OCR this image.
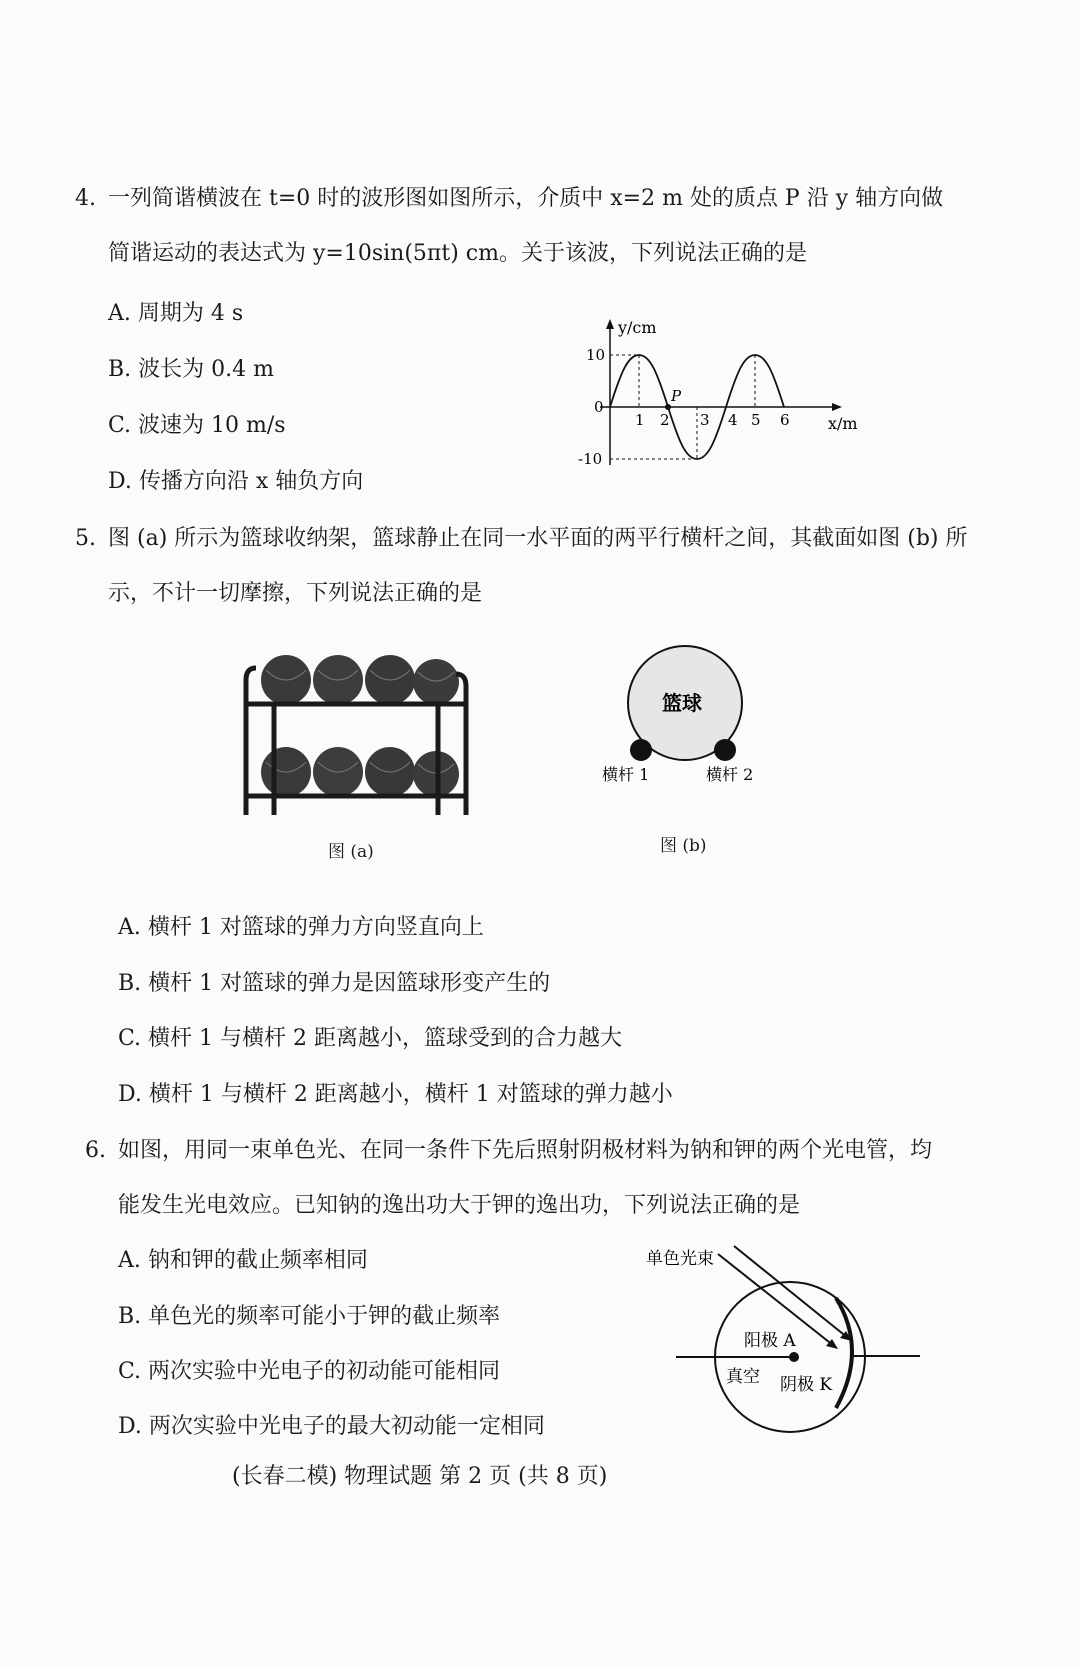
4. 一列简谐横波在 t=0 时的波形图如图所示，介质中 x=2 m 处的质点 P 沿 y 轴方向做
简谐运动的表达式为 y=10sin(5πt) cm。关于该波，下列说法正确的是
A. 周期为 4 s
B. 波长为 0.4 m
C. 波速为 10 m/s
D. 传播方向沿 x 轴负方向
P
y/cm
x/m
10
0
-10
1 2 3 4 5 6
5. 图 (a) 所示为篮球收纳架，篮球静止在同一水平面的两平行横杆之间，其截面如图 (b) 所
示，不计一切摩擦，下列说法正确的是
图 (a)
篮球
横杆 1	横杆 2
图 (b)
A. 横杆 1 对篮球的弹力方向竖直向上
B. 横杆 1 对篮球的弹力是因篮球形变产生的
C. 横杆 1 与横杆 2 距离越小，篮球受到的合力越大
D. 横杆 1 与横杆 2 距离越小，横杆 1 对篮球的弹力越小
6. 如图，用同一束单色光、在同一条件下先后照射阴极材料为钠和钾的两个光电管，均
能发生光电效应。已知钠的逸出功大于钾的逸出功，下列说法正确的是
A. 钠和钾的截止频率相同
B. 单色光的频率可能小于钾的截止频率
C. 两次实验中光电子的初动能可能相同
D. 两次实验中光电子的最大初动能一定相同
单色光束
阳极 A
真空 阴极 K
(长春二模) 物理试题 第 2 页 (共 8 页)
